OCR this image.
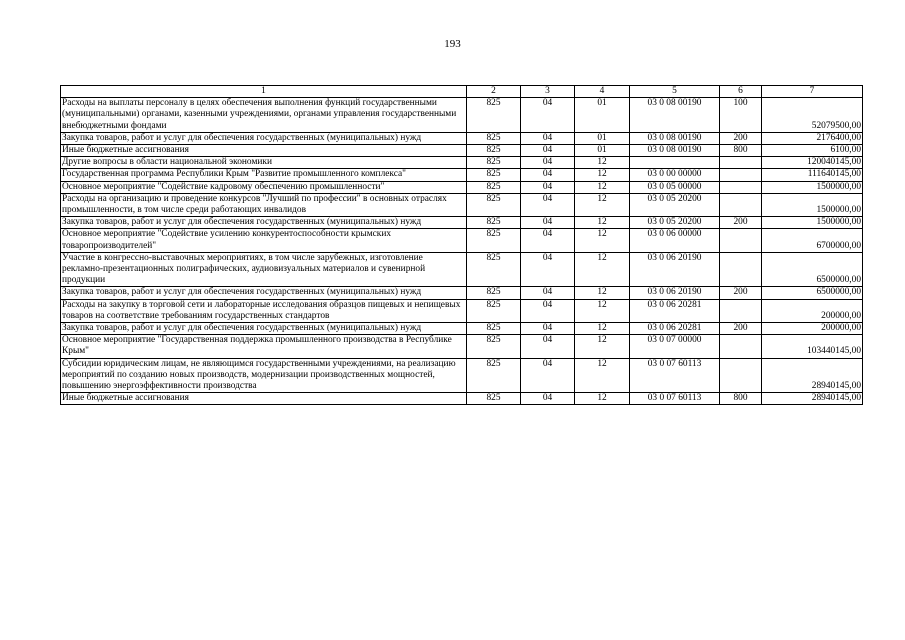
193
1	2	3	4	5	6	7
Расходы на выплаты персоналу в целях обеспечения выполнения функций государственными (муниципальными) органами, казенными учреждениями, органами управления государственными внебюджетными фондами	825	04	01	03 0 08 00190	100	52079500,00
Закупка товаров, работ и услуг для обеспечения государственных (муниципальных) нужд	825	04	01	03 0 08 00190	200	2176400,00
Иные бюджетные ассигнования	825	04	01	03 0 08 00190	800	6100,00
Другие вопросы в области национальной экономики	825	04	12			120040145,00
Государственная программа Республики Крым "Развитие промышленного комплекса"	825	04	12	03 0 00 00000		111640145,00
Основное мероприятие "Содействие кадровому обеспечению промышленности"	825	04	12	03 0 05 00000		1500000,00
Расходы на организацию и проведение конкурсов "Лучший по профессии" в основных отраслях промышленности, в том числе среди работающих инвалидов	825	04	12	03 0 05 20200		1500000,00
Закупка товаров, работ и услуг для обеспечения государственных (муниципальных) нужд	825	04	12	03 0 05 20200	200	1500000,00
Основное мероприятие "Содействие усилению конкурентоспособности крымских товаропроизводителей"	825	04	12	03 0 06 00000		6700000,00
Участие в конгрессно-выставочных мероприятиях, в том числе зарубежных, изготовление рекламно-презентационных полиграфических, аудиовизуальных материалов и сувенирной продукции	825	04	12	03 0 06 20190		6500000,00
Закупка товаров, работ и услуг для обеспечения государственных (муниципальных) нужд	825	04	12	03 0 06 20190	200	6500000,00
Расходы на закупку в торговой сети и лабораторные исследования образцов пищевых и непищевых товаров на соответствие требованиям государственных стандартов	825	04	12	03 0 06 20281		200000,00
Закупка товаров, работ и услуг для обеспечения государственных (муниципальных) нужд	825	04	12	03 0 06 20281	200	200000,00
Основное мероприятие "Государственная поддержка промышленного производства в Республике Крым"	825	04	12	03 0 07 00000		103440145,00
Субсидии юридическим лицам, не являющимся государственными учреждениями, на реализацию мероприятий по созданию новых производств, модернизации производственных мощностей, повышению энергоэффективности производства	825	04	12	03 0 07 60113		28940145,00
Иные бюджетные ассигнования	825	04	12	03 0 07 60113	800	28940145,00
